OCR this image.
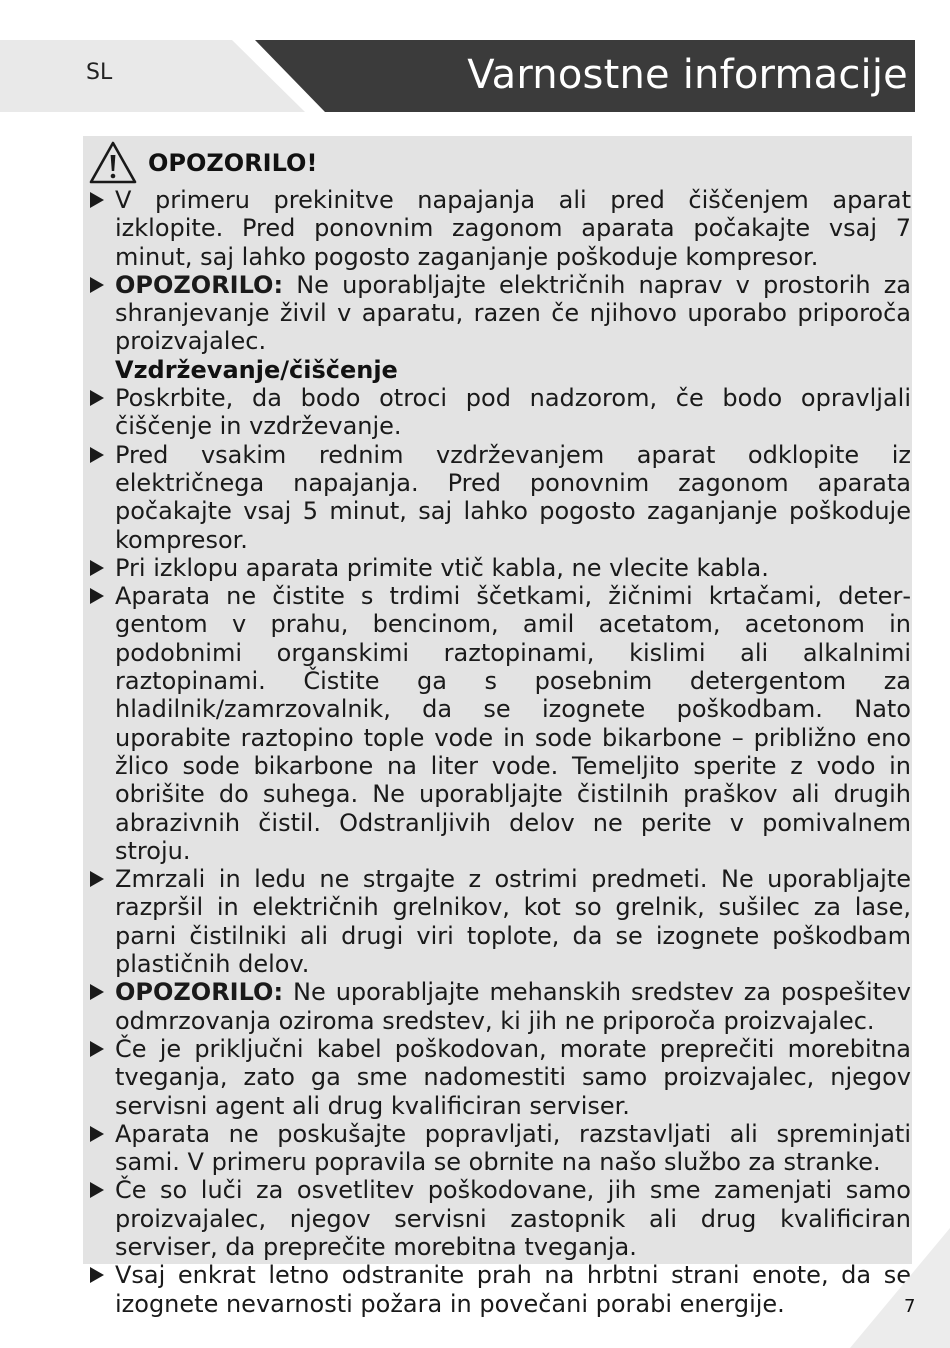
SL	Varnostne informacije
OPOZORILO!
V primeru prekinitve napajanja ali pred čiščenjem aparat izklopite. Pred ponovnim zagonom aparata počakajte vsaj 7 minut, saj lahko pogosto zaganjanje poškoduje kompresor.
OPOZORILO: Ne uporabljajte električnih naprav v prostorih za shranjevanje živil v aparatu, razen če njihovo uporabo priporoča proizvajalec.
Vzdrževanje/čiščenje
Poskrbite, da bodo otroci pod nadzorom, če bodo opravljali čiščenje in vzdrževanje.
Pred vsakim rednim vzdrževanjem aparat odklopite iz električnega napajanja. Pred ponovnim zagonom aparata počakajte vsaj 5 minut, saj lahko pogosto zaganjanje poškoduje kompresor.
Pri izklopu aparata primite vtič kabla, ne vlecite kabla.
Aparata ne čistite s trdimi ščetkami, žičnimi krtačami, detergentom v prahu, bencinom, amil acetatom, acetonom in podobnimi organskimi raztopinami, kislimi ali alkalnimi raztopinami. Čistite ga s posebnim detergentom za hladilnik/zamrzovalnik, da se izognete poškodbam. Nato uporabite raztopino tople vode in sode bikarbone – približno eno žlico sode bikarbone na liter vode. Temeljito sperite z vodo in obrišite do suhega. Ne uporabljajte čistilnih praškov ali drugih abrazivnih čistil. Odstranljivih delov ne perite v pomivalnem stroju.
Zmrzali in ledu ne strgajte z ostrimi predmeti. Ne uporabljajte razpršil in električnih grelnikov, kot so grelnik, sušilec za lase, parni čistilniki ali drugi viri toplote, da se izognete poškodbam plastičnih delov.
OPOZORILO: Ne uporabljajte mehanskih sredstev za pospešitev odmrzovanja oziroma sredstev, ki jih ne priporoča proizvajalec.
Če je priključni kabel poškodovan, morate preprečiti morebitna tveganja, zato ga sme nadomestiti samo proizvajalec, njegov servisni agent ali drug kvalificiran serviser.
Aparata ne poskušajte popravljati, razstavljati ali spreminjati sami. V primeru popravila se obrnite na našo službo za stranke.
Če so luči za osvetlitev poškodovane, jih sme zamenjati samo proizvajalec, njegov servisni zastopnik ali drug kvalificiran serviser, da preprečite morebitna tveganja.
Vsaj enkrat letno odstranite prah na hrbtni strani enote, da se izognete nevarnosti požara in povečani porabi energije.	7
